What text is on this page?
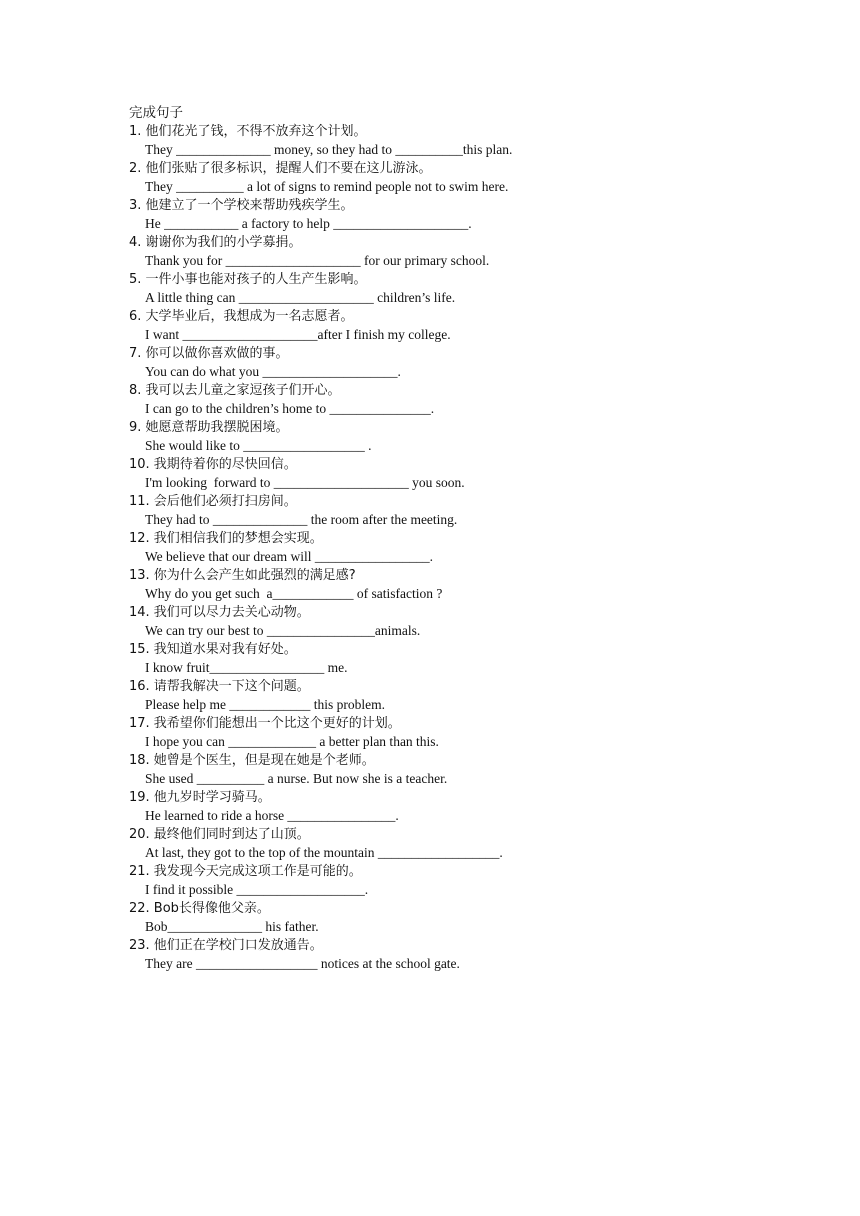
完成句子
1. 他们花光了钱，不得不放弃这个计划。
They ______________ money, so they had to __________this plan.
2. 他们张贴了很多标识，提醒人们不要在这儿游泳。
They __________ a lot of signs to remind people not to swim here.
3. 他建立了一个学校来帮助残疾学生。
He ___________ a factory to help ____________________.
4. 谢谢你为我们的小学募捐。
Thank you for ____________________ for our primary school.
5. 一件小事也能对孩子的人生产生影响。
A little thing can ____________________ children’s life.
6. 大学毕业后，我想成为一名志愿者。
I want ____________________after I finish my college.
7. 你可以做你喜欢做的事。
You can do what you ____________________.
8. 我可以去儿童之家逗孩子们开心。
I can go to the children’s home to _______________.
9. 她愿意帮助我摆脱困境。
She would like to __________________ .
10. 我期待着你的尽快回信。
I'm looking  forward to ____________________ you soon.
11. 会后他们必须打扫房间。
They had to ______________ the room after the meeting.
12. 我们相信我们的梦想会实现。
We believe that our dream will _________________.
13. 你为什么会产生如此强烈的满足感?
Why do you get such  a____________ of satisfaction ?
14. 我们可以尽力去关心动物。
We can try our best to ________________animals.
15. 我知道水果对我有好处。
I know fruit_________________ me.
16. 请帮我解决一下这个问题。
Please help me ____________ this problem.
17. 我希望你们能想出一个比这个更好的计划。
I hope you can _____________ a better plan than this.
18. 她曾是个医生，但是现在她是个老师。
She used __________ a nurse. But now she is a teacher.
19. 他九岁时学习骑马。
He learned to ride a horse ________________.
20. 最终他们同时到达了山顶。
At last, they got to the top of the mountain __________________.
21. 我发现今天完成这项工作是可能的。
I find it possible ___________________.
22. Bob长得像他父亲。
Bob______________ his father.
23. 他们正在学校门口发放通告。
They are __________________ notices at the school gate.
